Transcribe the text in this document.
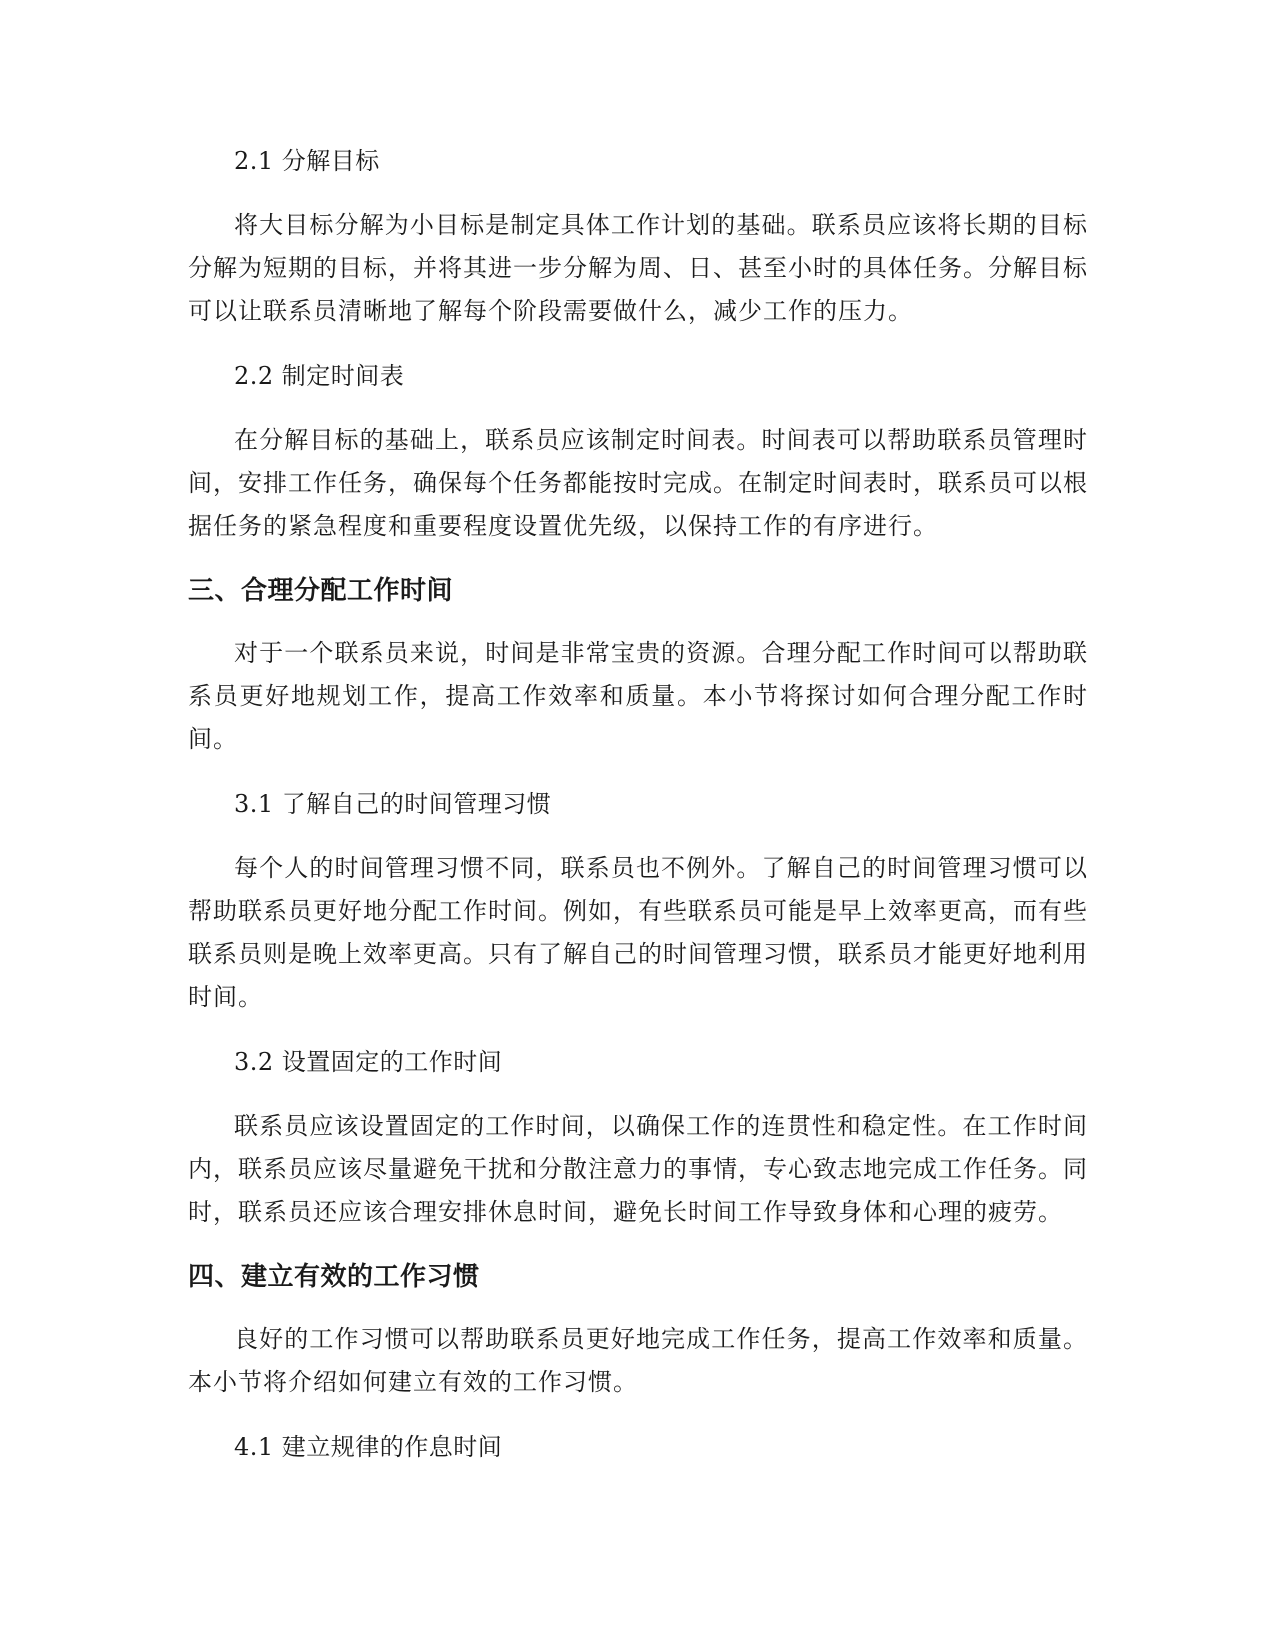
2.1 分解目标
将大目标分解为小目标是制定具体工作计划的基础。联系员应该将长期的目标分解为短期的目标，并将其进一步分解为周、日、甚至小时的具体任务。分解目标可以让联系员清晰地了解每个阶段需要做什么，减少工作的压力。
2.2 制定时间表
在分解目标的基础上，联系员应该制定时间表。时间表可以帮助联系员管理时间，安排工作任务，确保每个任务都能按时完成。在制定时间表时，联系员可以根据任务的紧急程度和重要程度设置优先级，以保持工作的有序进行。
三、合理分配工作时间
对于一个联系员来说，时间是非常宝贵的资源。合理分配工作时间可以帮助联系员更好地规划工作，提高工作效率和质量。本小节将探讨如何合理分配工作时间。
3.1 了解自己的时间管理习惯
每个人的时间管理习惯不同，联系员也不例外。了解自己的时间管理习惯可以帮助联系员更好地分配工作时间。例如，有些联系员可能是早上效率更高，而有些联系员则是晚上效率更高。只有了解自己的时间管理习惯，联系员才能更好地利用时间。
3.2 设置固定的工作时间
联系员应该设置固定的工作时间，以确保工作的连贯性和稳定性。在工作时间内，联系员应该尽量避免干扰和分散注意力的事情，专心致志地完成工作任务。同时，联系员还应该合理安排休息时间，避免长时间工作导致身体和心理的疲劳。
四、建立有效的工作习惯
良好的工作习惯可以帮助联系员更好地完成工作任务，提高工作效率和质量。本小节将介绍如何建立有效的工作习惯。
4.1 建立规律的作息时间
